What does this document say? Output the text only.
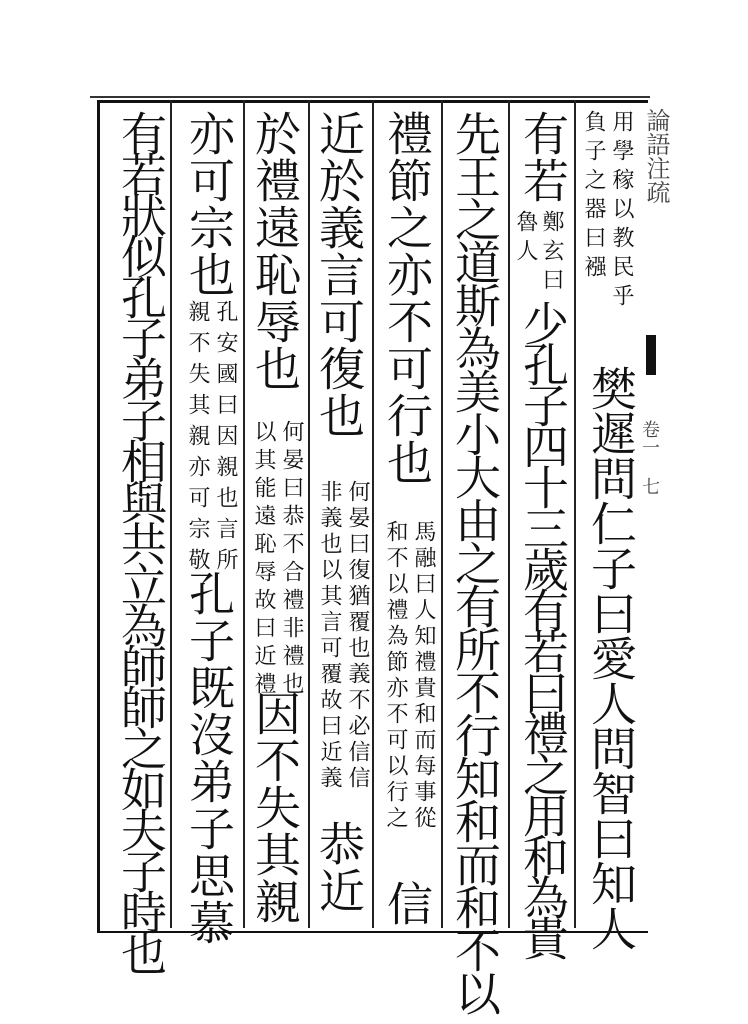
論語注疏
卷一 七
用學稼以教民乎
負子之器曰襁
樊遲問仁子曰愛人問智曰知人
有若
鄭玄曰
魯人
少孔子四十三歲有若曰禮之用和為貴
先王之道斯為美小大由之有所不行知和而和不以
禮節之亦不可行也
馬融曰人知禮貴和而每事從
和不以禮為節亦不可以行之
信
近於義言可復也
何晏曰復猶覆也義不必信信
非義也以其言可覆故曰近義
恭近
於禮遠恥辱也
何晏曰恭不合禮非禮也
以其能遠恥辱故曰近禮
因不失其親
亦可宗也
孔安國曰因親也言所
親不失其親亦可宗敬
孔子既沒弟子思慕
有若狀似孔子弟子相與共立為師師之如夫子時也
